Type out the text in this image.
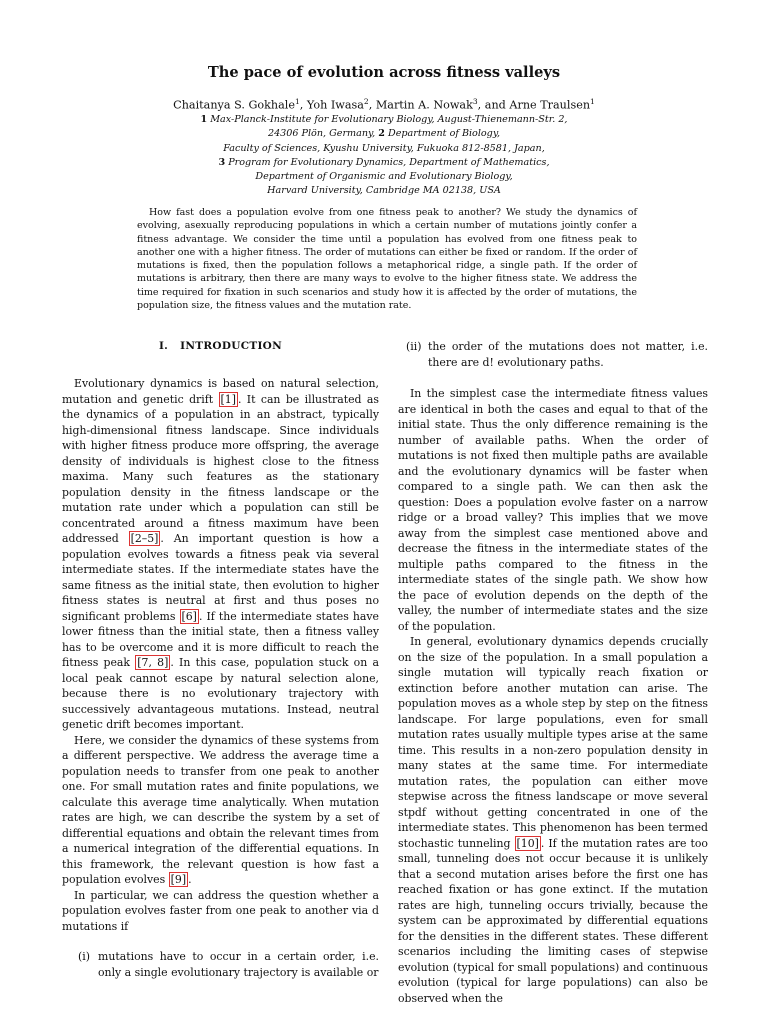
The pace of evolution across fitness valleys
Chaitanya S. Gokhale$^1$, Yoh Iwasa$^2$, Martin A. Nowak$^3$, and Arne Traulsen$^1$
1 Max-Planck-Institute for Evolutionary Biology, August-Thienemann-Str. 2,
24306 Plön, Germany, 2 Department of Biology,
Faculty of Sciences, Kyushu University, Fukuoka 812-8581, Japan,
3 Program for Evolutionary Dynamics, Department of Mathematics,
Department of Organismic and Evolutionary Biology,
Harvard University, Cambridge MA 02138, USA
How fast does a population evolve from one fitness peak to another? We study the dynamics of evolving, asexually reproducing populations in which a certain number of mutations jointly confer a fitness advantage. We consider the time until a population has evolved from one fitness peak to another one with a higher fitness. The order of mutations can either be fixed or random. If the order of mutations is fixed, then the population follows a metaphorical ridge, a single path. If the order of mutations is arbitrary, then there are many ways to evolve to the higher fitness state. We address the time required for fixation in such scenarios and study how it is affected by the order of mutations, the population size, the fitness values and the mutation rate.
I. INTRODUCTION

Evolutionary dynamics is based on natural selection, mutation and genetic drift [1] . It can be illustrated as the dynamics of a population in an abstract, typically high-dimensional fitness landscape. Since individuals with higher fitness produce more offspring, the average density of individuals is highest close to the fitness maxima. Many such features as the stationary population density in the fitness landscape or the mutation rate under which a population can still be concentrated around a fitness maximum have been addressed [2–5] . An important question is how a population evolves towards a fitness peak via several intermediate states. If the intermediate states have the same fitness as the initial state, then evolution to higher fitness states is neutral at first and thus poses no significant problems [6] . If the intermediate states have lower fitness than the initial state, then a fitness valley has to be overcome and it is more difficult to reach the fitness peak [7, 8] . In this case, population stuck on a local peak cannot escape by natural selection alone, because there is no evolutionary trajectory with successively advantageous mutations. Instead, neutral genetic drift becomes important.

Here, we consider the dynamics of these systems from a different perspective. We address the average time a population needs to transfer from one peak to another one. For small mutation rates and finite populations, we calculate this average time analytically. When mutation rates are high, we can describe the system by a set of differential equations and obtain the relevant times from a numerical integration of the differential equations. In this framework, the relevant question is how fast a population evolves [9] .

In particular, we can address the question whether a population evolves faster from one peak to another via d mutations if

(i) mutations have to occur in a certain order, i.e. only a single evolutionary trajectory is available or
(ii) the order of the mutations does not matter, i.e. there are d! evolutionary paths.

In the simplest case the intermediate fitness values are identical in both the cases and equal to that of the initial state. Thus the only difference remaining is the number of available paths. When the order of mutations is not fixed then multiple paths are available and the evolutionary dynamics will be faster when compared to a single path. We can then ask the question: Does a population evolve faster on a narrow ridge or a broad valley? This implies that we move away from the simplest case mentioned above and decrease the fitness in the intermediate states of the multiple paths compared to the fitness in the intermediate states of the single path. We show how the pace of evolution depends on the depth of the valley, the number of intermediate states and the size of the population.

In general, evolutionary dynamics depends crucially on the size of the population. In a small population a single mutation will typically reach fixation or extinction before another mutation can arise. The population moves as a whole step by step on the fitness landscape. For large populations, even for small mutation rates usually multiple types arise at the same time. This results in a non-zero population density in many states at the same time. For intermediate mutation rates, the population can either move stepwise across the fitness landscape or move several stpdf without getting concentrated in one of the intermediate states. This phenomenon has been termed stochastic tunneling [10] . If the mutation rates are too small, tunneling does not occur because it is unlikely that a second mutation arises before the first one has reached fixation or has gone extinct. If the mutation rates are high, tunneling occurs trivially, because the system can be approximated by differential equations for the densities in the different states. These different scenarios including the limiting cases of stepwise evolution (typical for small populations) and continuous evolution (typical for large populations) can also be observed when the
